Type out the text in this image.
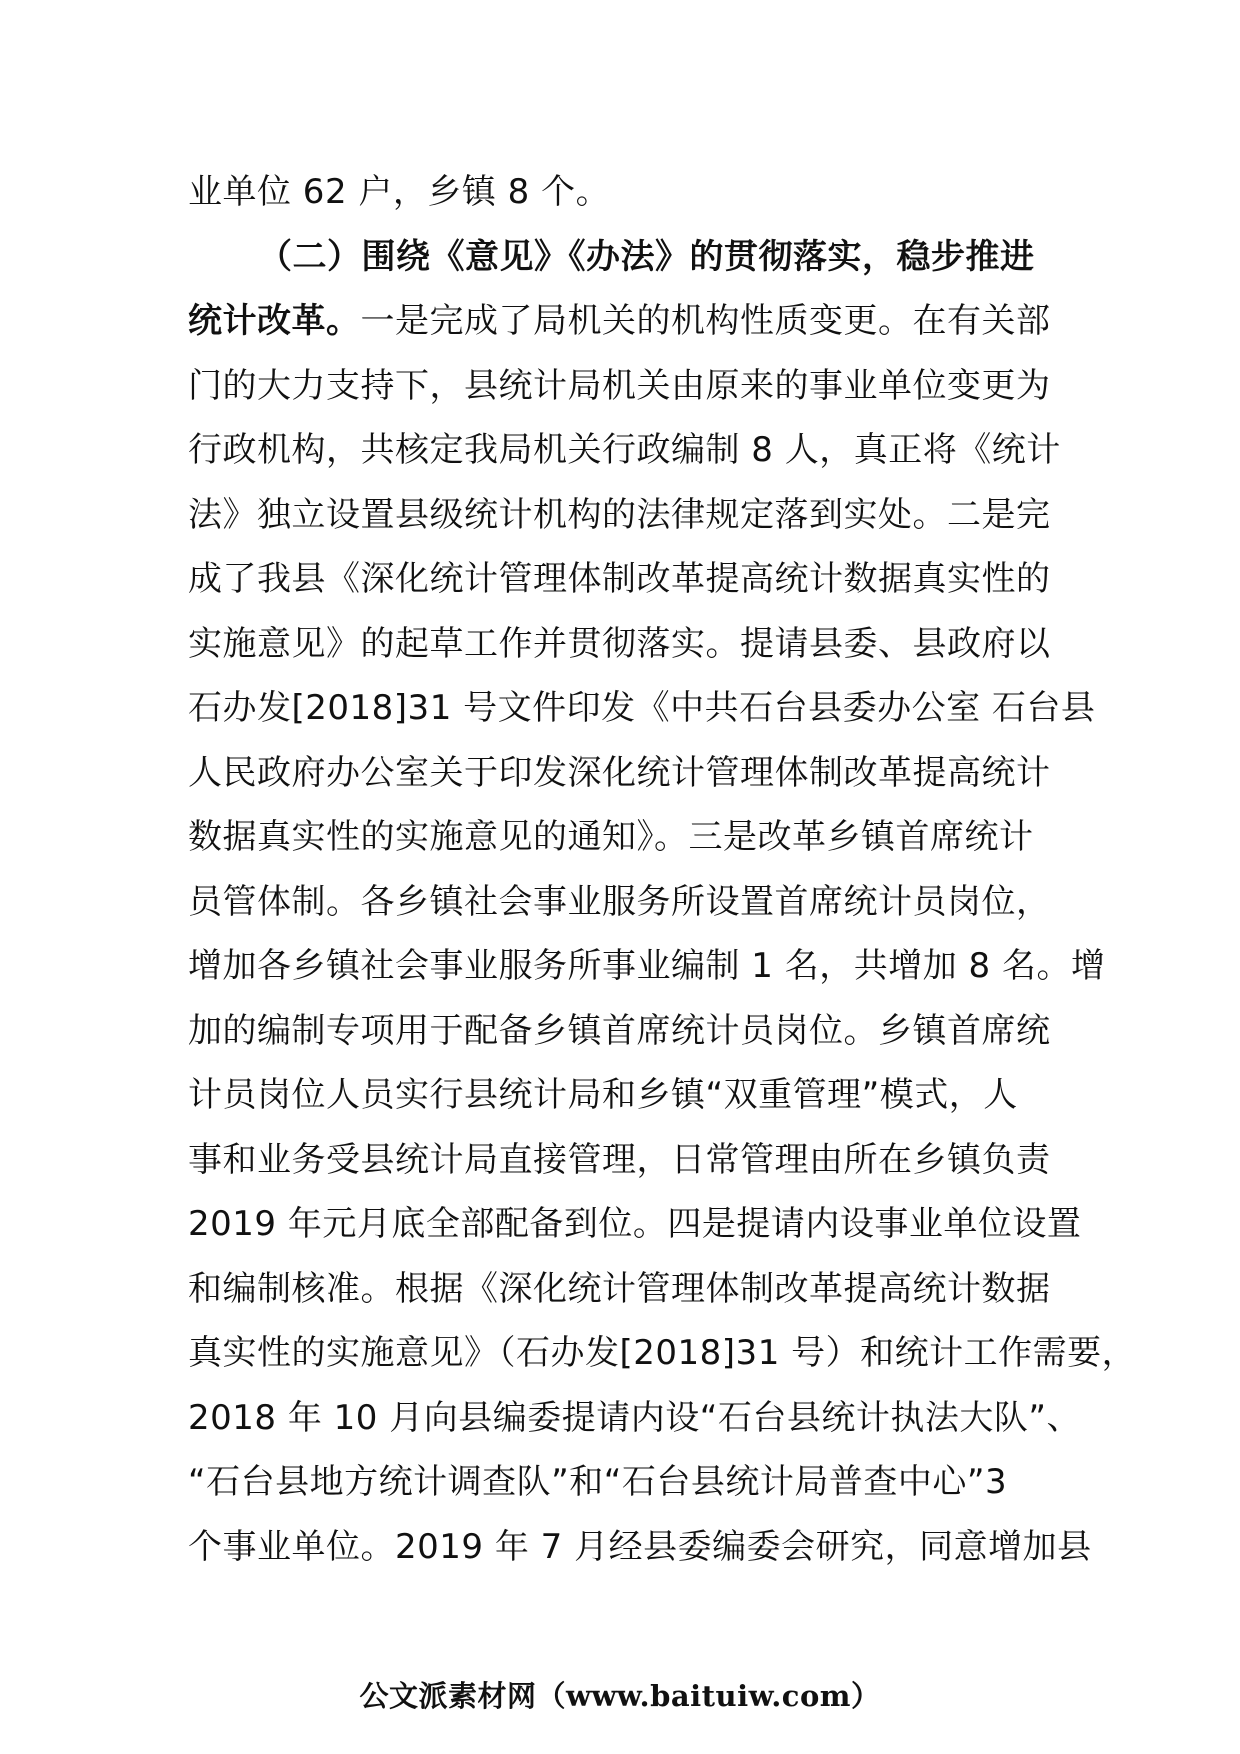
业单位 62 户，乡镇 8 个。
（二）围绕《意见》《办法》的贯彻落实，稳步推进
统计改革。一是完成了局机关的机构性质变更。在有关部
门的大力支持下，县统计局机关由原来的事业单位变更为
行政机构，共核定我局机关行政编制 8 人，真正将《统计
法》独立设置县级统计机构的法律规定落到实处。二是完
成了我县《深化统计管理体制改革提高统计数据真实性的
实施意见》的起草工作并贯彻落实。提请县委、县政府以
石办发[2018]31 号文件印发《中共石台县委办公室 石台县
人民政府办公室关于印发深化统计管理体制改革提高统计
数据真实性的实施意见的通知》。三是改革乡镇首席统计
员管体制。各乡镇社会事业服务所设置首席统计员岗位，
增加各乡镇社会事业服务所事业编制 1 名，共增加 8 名。增
加的编制专项用于配备乡镇首席统计员岗位。乡镇首席统
计员岗位人员实行县统计局和乡镇“双重管理”模式，人
事和业务受县统计局直接管理，日常管理由所在乡镇负责
2019 年元月底全部配备到位。四是提请内设事业单位设置
和编制核准。根据《深化统计管理体制改革提高统计数据
真实性的实施意见》（石办发[2018]31 号）和统计工作需要，
2018 年 10 月向县编委提请内设“石台县统计执法大队”、
“石台县地方统计调查队”和“石台县统计局普查中心”3
个事业单位。2019 年 7 月经县委编委会研究，同意增加县
公文派素材网（www.baituiw.com）
